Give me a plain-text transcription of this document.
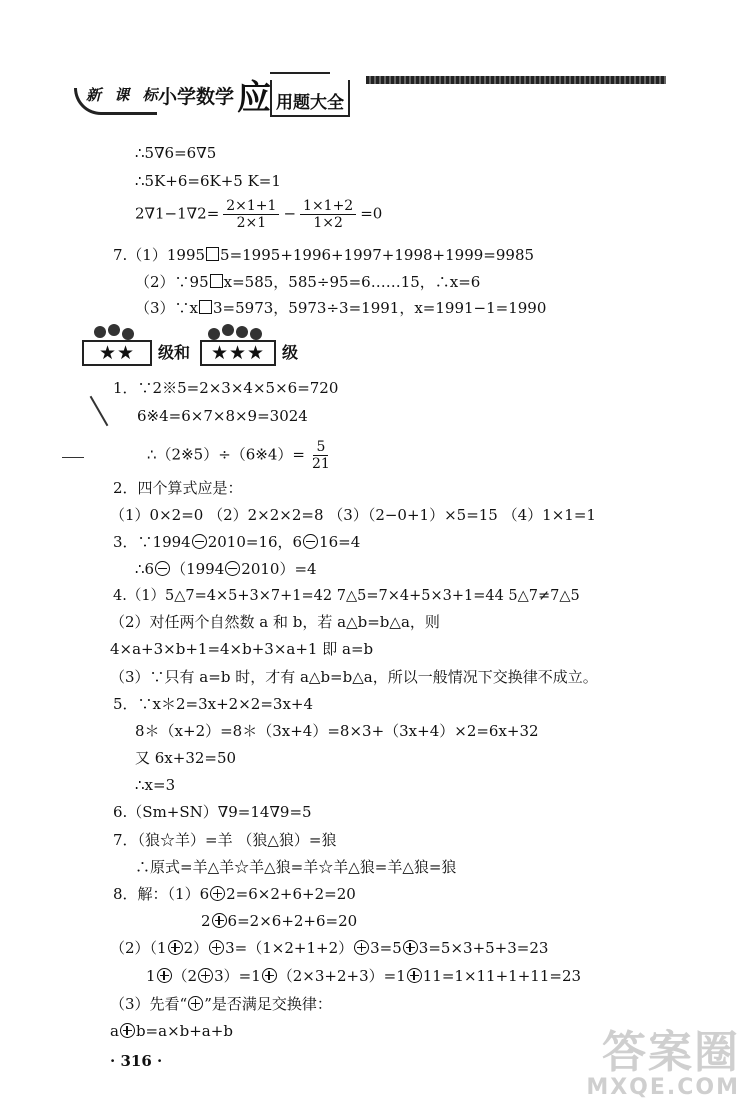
新 课 标
小学数学 应 用题大全
∴5∇6=6∇5
∴5K+6=6K+5 K=1
$2\nabla 1-1\nabla 2= \frac{2\times 1+1}{2\times 1} - \frac{1\times 1+2}{1\times 2} =0$
7.（1）1995 5=1995+1996+1997+1998+1999=9985
（2）∵95 x=585，585÷95=6……15，∴x=6
（3）∵x 3=5973，5973÷3=1991，x=1991−1=1990
★★	级和	★★★	级
1．∵2※5=2×3×4×5×6=720
6※4=6×7×8×9=3024
∴（2※5）÷（6※4）= $\frac{5}{21}$
2．四个算式应是：
（1）0×2=0 （2）2×2×2=8 （3）（2−0+1）×5=15 （4）1×1=1
3．∵1994 2010=16，6 16=4
∴6 （1994 2010）=4
4.（1）5△7=4×5+3×7+1=42 7△5=7×4+5×3+1=44 5△7≠7△5
（2）对任两个自然数 a 和 b，若 a△b=b△a，则
4×a+3×b+1=4×b+3×a+1 即 a=b
（3）∵只有 a=b 时，才有 a△b=b△a，所以一般情况下交换律不成立。
5．∵x＊2=3x+2×2=3x+4
8＊（x+2）=8＊（3x+4）=8×3+（3x+4）×2=6x+32
又 6x+32=50
∴x=3
6.（Sm+SN）∇9=14∇9=5
7．（狼☆羊）=羊 （狼△狼）=狼
∴原式=羊△羊☆羊△狼=羊☆羊△狼=羊△狼=狼
8．解：（1）6 2=6×2+6+2=20
2 6=2×6+2+6=20
（2）（1 2） 3=（1×2+1+2） 3=5 3=5×3+5+3=23
1 （2 3）=1 （2×3+2+3）=1 11=1×11+1+11=23
（3）先看“ ”是否满足交换律：
a b=a×b+a+b
· 316 ·	答案圈
MXQE.COM
